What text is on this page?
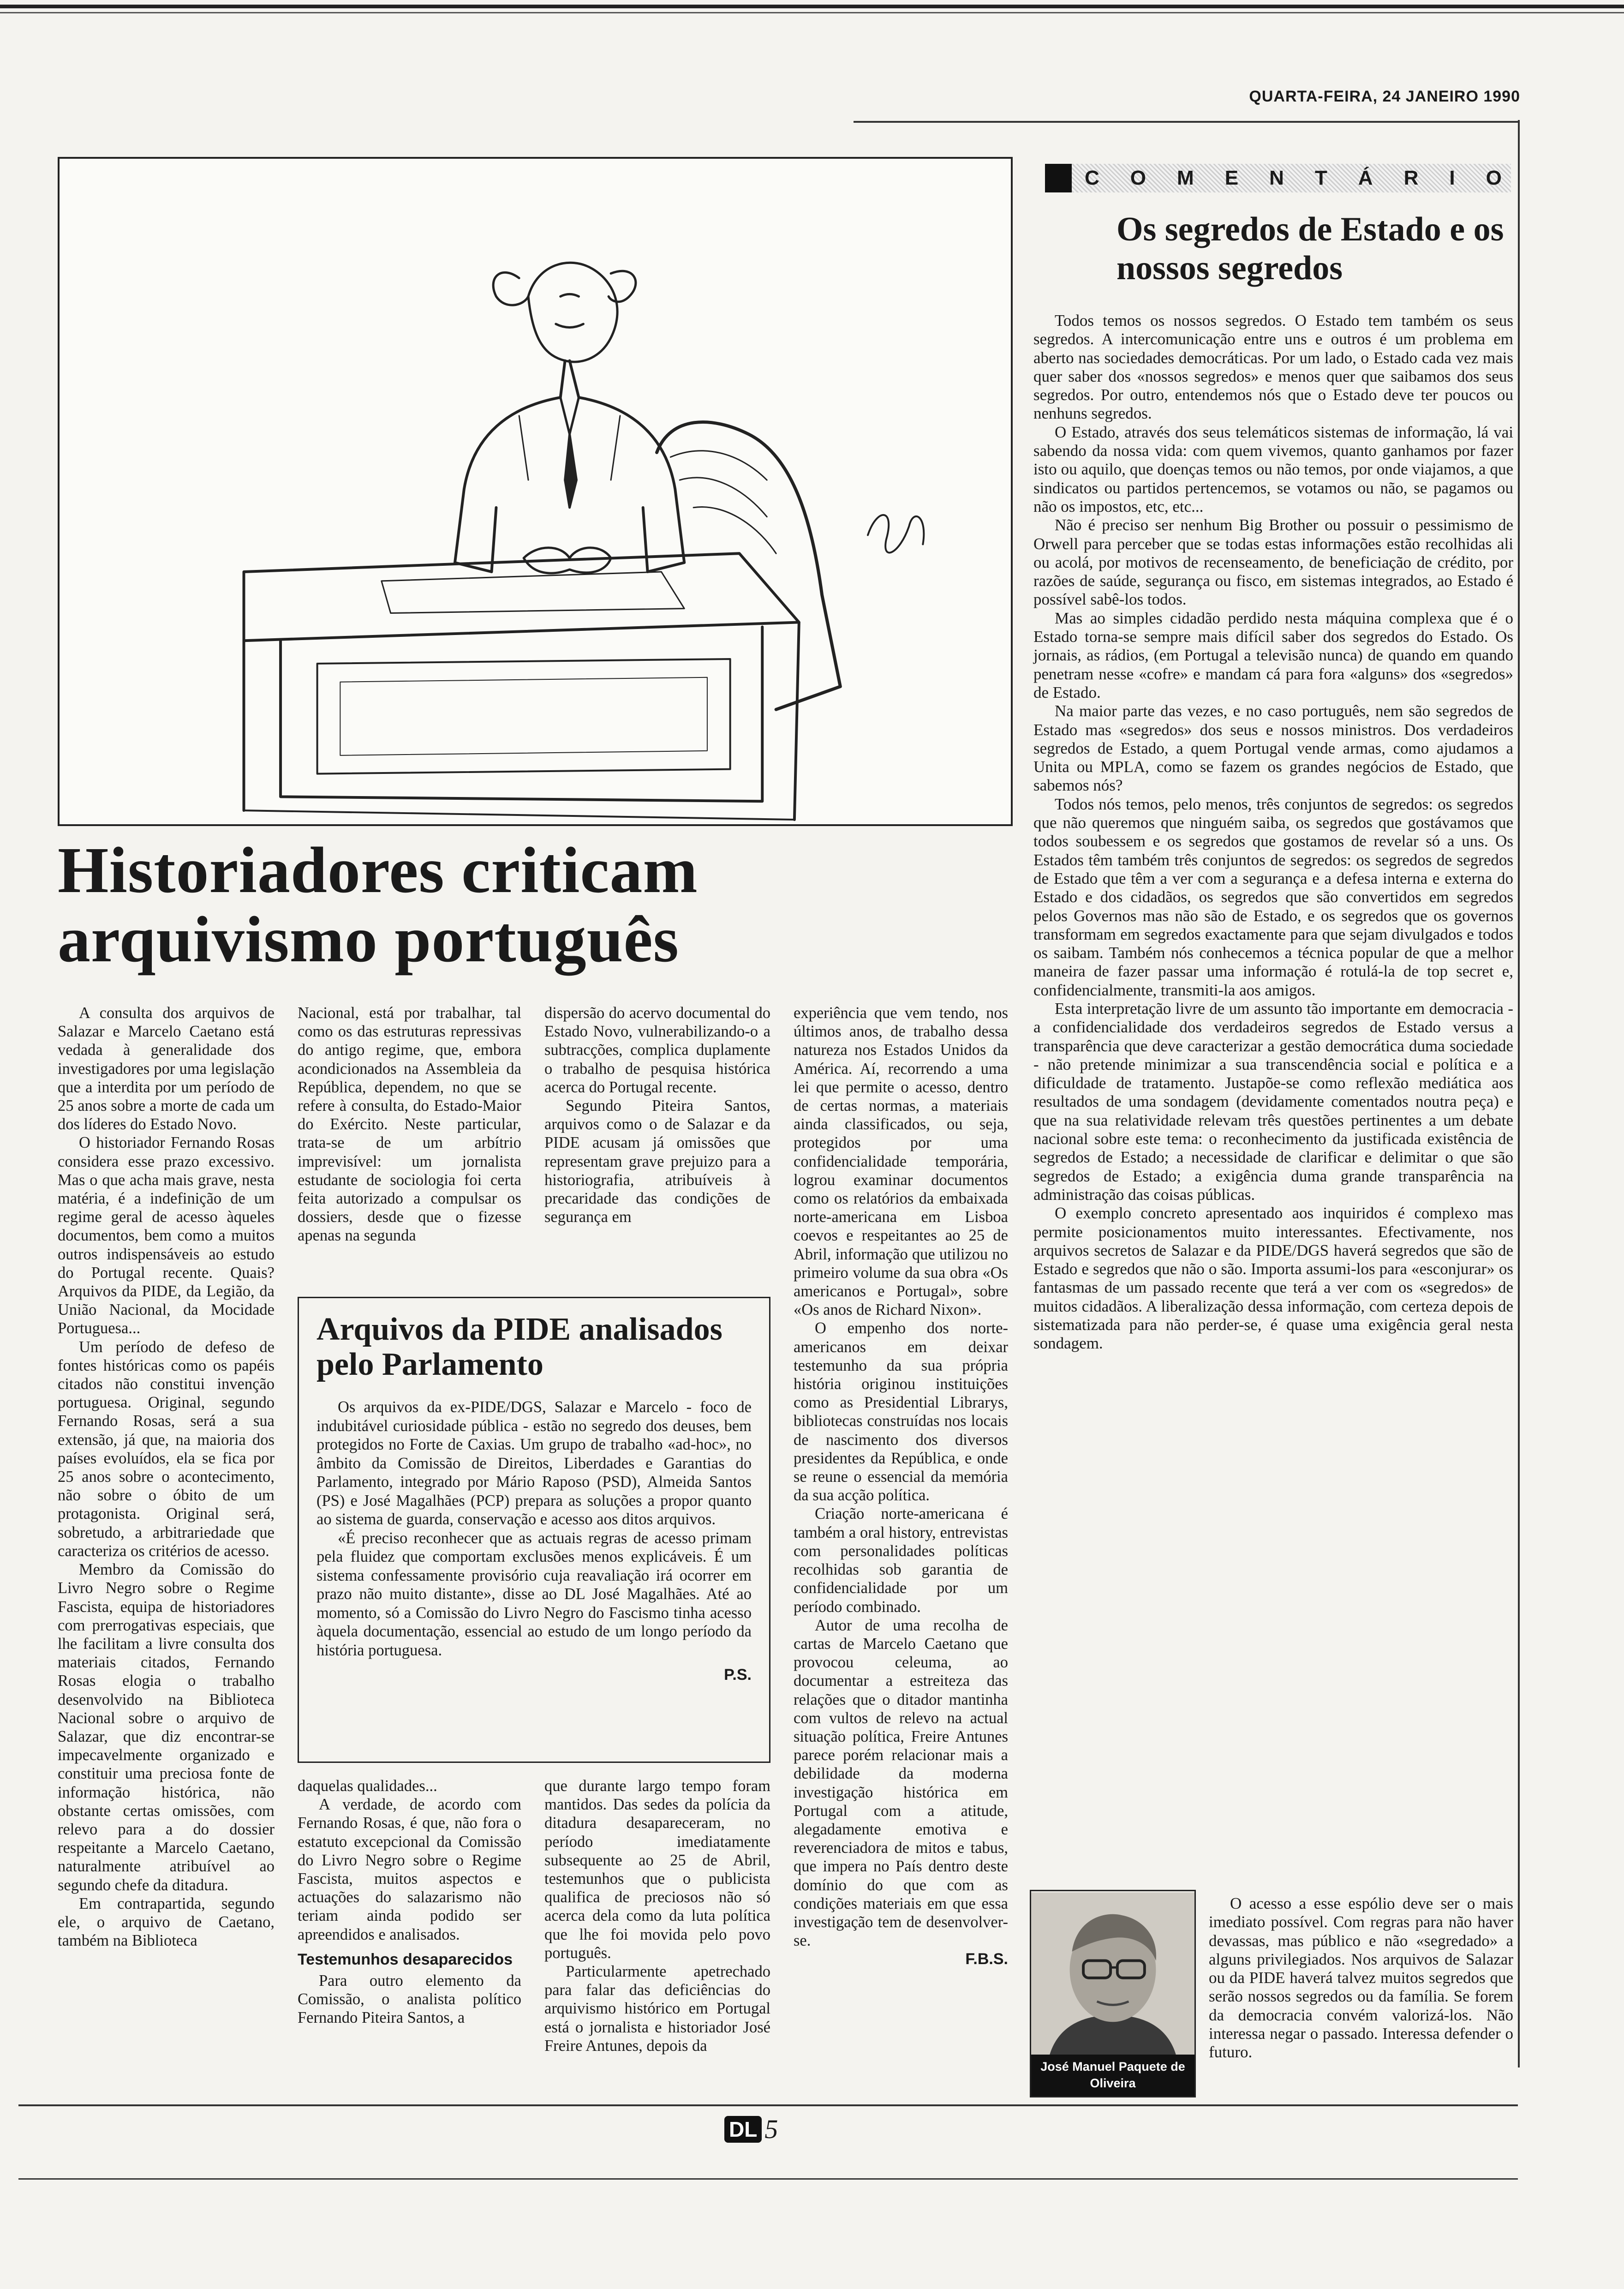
QUARTA-FEIRA, 24 JANEIRO 1990
Historiadores criticam arquivismo português

A consulta dos arquivos de Salazar e Marcelo Caetano está vedada à generalidade dos investigadores por uma legislação que a interdita por um período de 25 anos sobre a morte de cada um dos líderes do Estado Novo.

O historiador Fernando Rosas considera esse prazo excessivo. Mas o que acha mais grave, nesta matéria, é a indefinição de um regime geral de acesso àqueles documentos, bem como a muitos outros indispensáveis ao estudo do Portugal recente. Quais? Arquivos da PIDE, da Legião, da União Nacional, da Mocidade Portuguesa...

Um período de defeso de fontes históricas como os papéis citados não constitui invenção portuguesa. Original, segundo Fernando Rosas, será a sua extensão, já que, na maioria dos países evoluídos, ela se fica por 25 anos sobre o acontecimento, não sobre o óbito de um protagonista. Original será, sobretudo, a arbitrariedade que caracteriza os critérios de acesso.

Membro da Comissão do Livro Negro sobre o Regime Fascista, equipa de historiadores com prerrogativas especiais, que lhe facilitam a livre consulta dos materiais citados, Fernando Rosas elogia o trabalho desenvolvido na Biblioteca Nacional sobre o arquivo de Salazar, que diz encontrar-se impecavelmente organizado e constituir uma preciosa fonte de informação histórica, não obstante certas omissões, com relevo para a do dossier respeitante a Marcelo Caetano, naturalmente atribuível ao segundo chefe da ditadura.

Em contrapartida, segundo ele, o arquivo de Caetano, também na Biblioteca

Nacional, está por trabalhar, tal como os das estruturas repressivas do antigo regime, que, embora acondicionados na Assembleia da República, dependem, no que se refere à consulta, do Estado-Maior do Exército. Neste particular, trata-se de um arbítrio imprevisível: um jornalista estudante de sociologia foi certa feita autorizado a compulsar os dossiers, desde que o fizesse apenas na segunda

dispersão do acervo documental do Estado Novo, vulnerabilizando-o a subtracções, complica duplamente o trabalho de pesquisa histórica acerca do Portugal recente.

Segundo Piteira Santos, arquivos como o de Salazar e da PIDE acusam já omissões que representam grave prejuizo para a historiografia, atribuíveis à precaridade das condições de segurança em

experiência que vem tendo, nos últimos anos, de trabalho dessa natureza nos Estados Unidos da América. Aí, recorrendo a uma lei que permite o acesso, dentro de certas normas, a materiais ainda classificados, ou seja, protegidos por uma confidencialidade temporária, logrou examinar documentos como os relatórios da embaixada norte-americana em Lisboa coevos e respeitantes ao 25 de Abril, informação que utilizou no primeiro volume da sua obra «Os americanos e Portugal», sobre «Os anos de Richard Nixon».

O empenho dos norte-americanos em deixar testemunho da sua própria história originou instituições como as Presidential Librarys, bibliotecas construídas nos locais de nascimento dos diversos presidentes da República, e onde se reune o essencial da memória da sua acção política.

Criação norte-americana é também a oral history, entrevistas com personalidades políticas recolhidas sob garantia de confidencialidade por um período combinado.

Autor de uma recolha de cartas de Marcelo Caetano que provocou celeuma, ao documentar a estreiteza das relações que o ditador mantinha com vultos de relevo na actual situação política, Freire Antunes parece porém relacionar mais a debilidade da moderna investigação histórica em Portugal com a atitude, alegadamente emotiva e reverenciadora de mitos e tabus, que impera no País dentro deste domínio do que com as condições materiais em que essa investigação tem de desenvolver-se.

F.B.S.
Arquivos da PIDE analisados pelo Parlamento

Os arquivos da ex-PIDE/DGS, Salazar e Marcelo - foco de indubitável curiosidade pública - estão no segredo dos deuses, bem protegidos no Forte de Caxias. Um grupo de trabalho «ad-hoc», no âmbito da Comissão de Direitos, Liberdades e Garantias do Parlamento, integrado por Mário Raposo (PSD), Almeida Santos (PS) e José Magalhães (PCP) prepara as soluções a propor quanto ao sistema de guarda, conservação e acesso aos ditos arquivos.

«É preciso reconhecer que as actuais regras de acesso primam pela fluidez que comportam exclusões menos explicáveis. É um sistema confessamente provisório cuja reavaliação irá ocorrer em prazo não muito distante», disse ao DL José Magalhães. Até ao momento, só a Comissão do Livro Negro do Fascismo tinha acesso àquela documentação, essencial ao estudo de um longo período da história portuguesa.

P.S.

daquelas qualidades...

A verdade, de acordo com Fernando Rosas, é que, não fora o estatuto excepcional da Comissão do Livro Negro sobre o Regime Fascista, muitos aspectos e actuações do salazarismo não teriam ainda podido ser apreendidos e analisados.

Testemunhos desaparecidos

Para outro elemento da Comissão, o analista político Fernando Piteira Santos, a

que durante largo tempo foram mantidos. Das sedes da polícia da ditadura desapareceram, no período imediatamente subsequente ao 25 de Abril, testemunhos que o publicista qualifica de preciosos não só acerca dela como da luta política que lhe foi movida pelo povo português.

Particularmente apetrechado para falar das deficiências do arquivismo histórico em Portugal está o jornalista e historiador José Freire Antunes, depois da

C O M E N T Á R I O
Os segredos de Estado e os nossos segredos

Todos temos os nossos segredos. O Estado tem também os seus segredos. A intercomunicação entre uns e outros é um problema em aberto nas sociedades democráticas. Por um lado, o Estado cada vez mais quer saber dos «nossos segredos» e menos quer que saibamos dos seus segredos. Por outro, entendemos nós que o Estado deve ter poucos ou nenhuns segredos.

O Estado, através dos seus telemáticos sistemas de informação, lá vai sabendo da nossa vida: com quem vivemos, quanto ganhamos por fazer isto ou aquilo, que doenças temos ou não temos, por onde viajamos, a que sindicatos ou partidos pertencemos, se votamos ou não, se pagamos ou não os impostos, etc, etc...

Não é preciso ser nenhum Big Brother ou possuir o pessimismo de Orwell para perceber que se todas estas informações estão recolhidas ali ou acolá, por motivos de recenseamento, de beneficiação de crédito, por razões de saúde, segurança ou fisco, em sistemas integrados, ao Estado é possível sabê-los todos.

Mas ao simples cidadão perdido nesta máquina complexa que é o Estado torna-se sempre mais difícil saber dos segredos do Estado. Os jornais, as rádios, (em Portugal a televisão nunca) de quando em quando penetram nesse «cofre» e mandam cá para fora «alguns» dos «segredos» de Estado.

Na maior parte das vezes, e no caso português, nem são segredos de Estado mas «segredos» dos seus e nossos ministros. Dos verdadeiros segredos de Estado, a quem Portugal vende armas, como ajudamos a Unita ou MPLA, como se fazem os grandes negócios de Estado, que sabemos nós?

Todos nós temos, pelo menos, três conjuntos de segredos: os segredos que não queremos que ninguém saiba, os segredos que gostávamos que todos soubessem e os segredos que gostamos de revelar só a uns. Os Estados têm também três conjuntos de segredos: os segredos de segredos de Estado que têm a ver com a segurança e a defesa interna e externa do Estado e dos cidadãos, os segredos que são convertidos em segredos pelos Governos mas não são de Estado, e os segredos que os governos transformam em segredos exactamente para que sejam divulgados e todos os saibam. Também nós conhecemos a técnica popular de que a melhor maneira de fazer passar uma informação é rotulá-la de top secret e, confidencialmente, transmiti-la aos amigos.

Esta interpretação livre de um assunto tão importante em democracia - a confidencialidade dos verdadeiros segredos de Estado versus a transparência que deve caracterizar a gestão democrática duma sociedade - não pretende minimizar a sua transcendência social e política e a dificuldade de tratamento. Justapõe-se como reflexão mediática aos resultados de uma sondagem (devidamente comentados noutra peça) e que na sua relatividade relevam três questões pertinentes a um debate nacional sobre este tema: o reconhecimento da justificada existência de segredos de Estado; a necessidade de clarificar e delimitar o que são segredos de Estado; a exigência duma grande transparência na administração das coisas públicas.

O exemplo concreto apresentado aos inquiridos é complexo mas permite posicionamentos muito interessantes. Efectivamente, nos arquivos secretos de Salazar e da PIDE/DGS haverá segredos que são de Estado e segredos que não o são. Importa assumi-los para «esconjurar» os fantasmas de um passado recente que terá a ver com os «segredos» de muitos cidadãos. A liberalização dessa informação, com certeza depois de sistematizada para não perder-se, é quase uma exigência geral nesta sondagem.

O acesso a esse espólio deve ser o mais imediato possível. Com regras para não haver devassas, mas público e não «segredado» a alguns privilegiados. Nos arquivos de Salazar ou da PIDE haverá talvez muitos segredos que serão nossos segredos ou da família. Se forem da democracia convém valorizá-los. Não interessa negar o passado. Interessa defender o futuro.

José Manuel Paquete de Oliveira
DL 5
